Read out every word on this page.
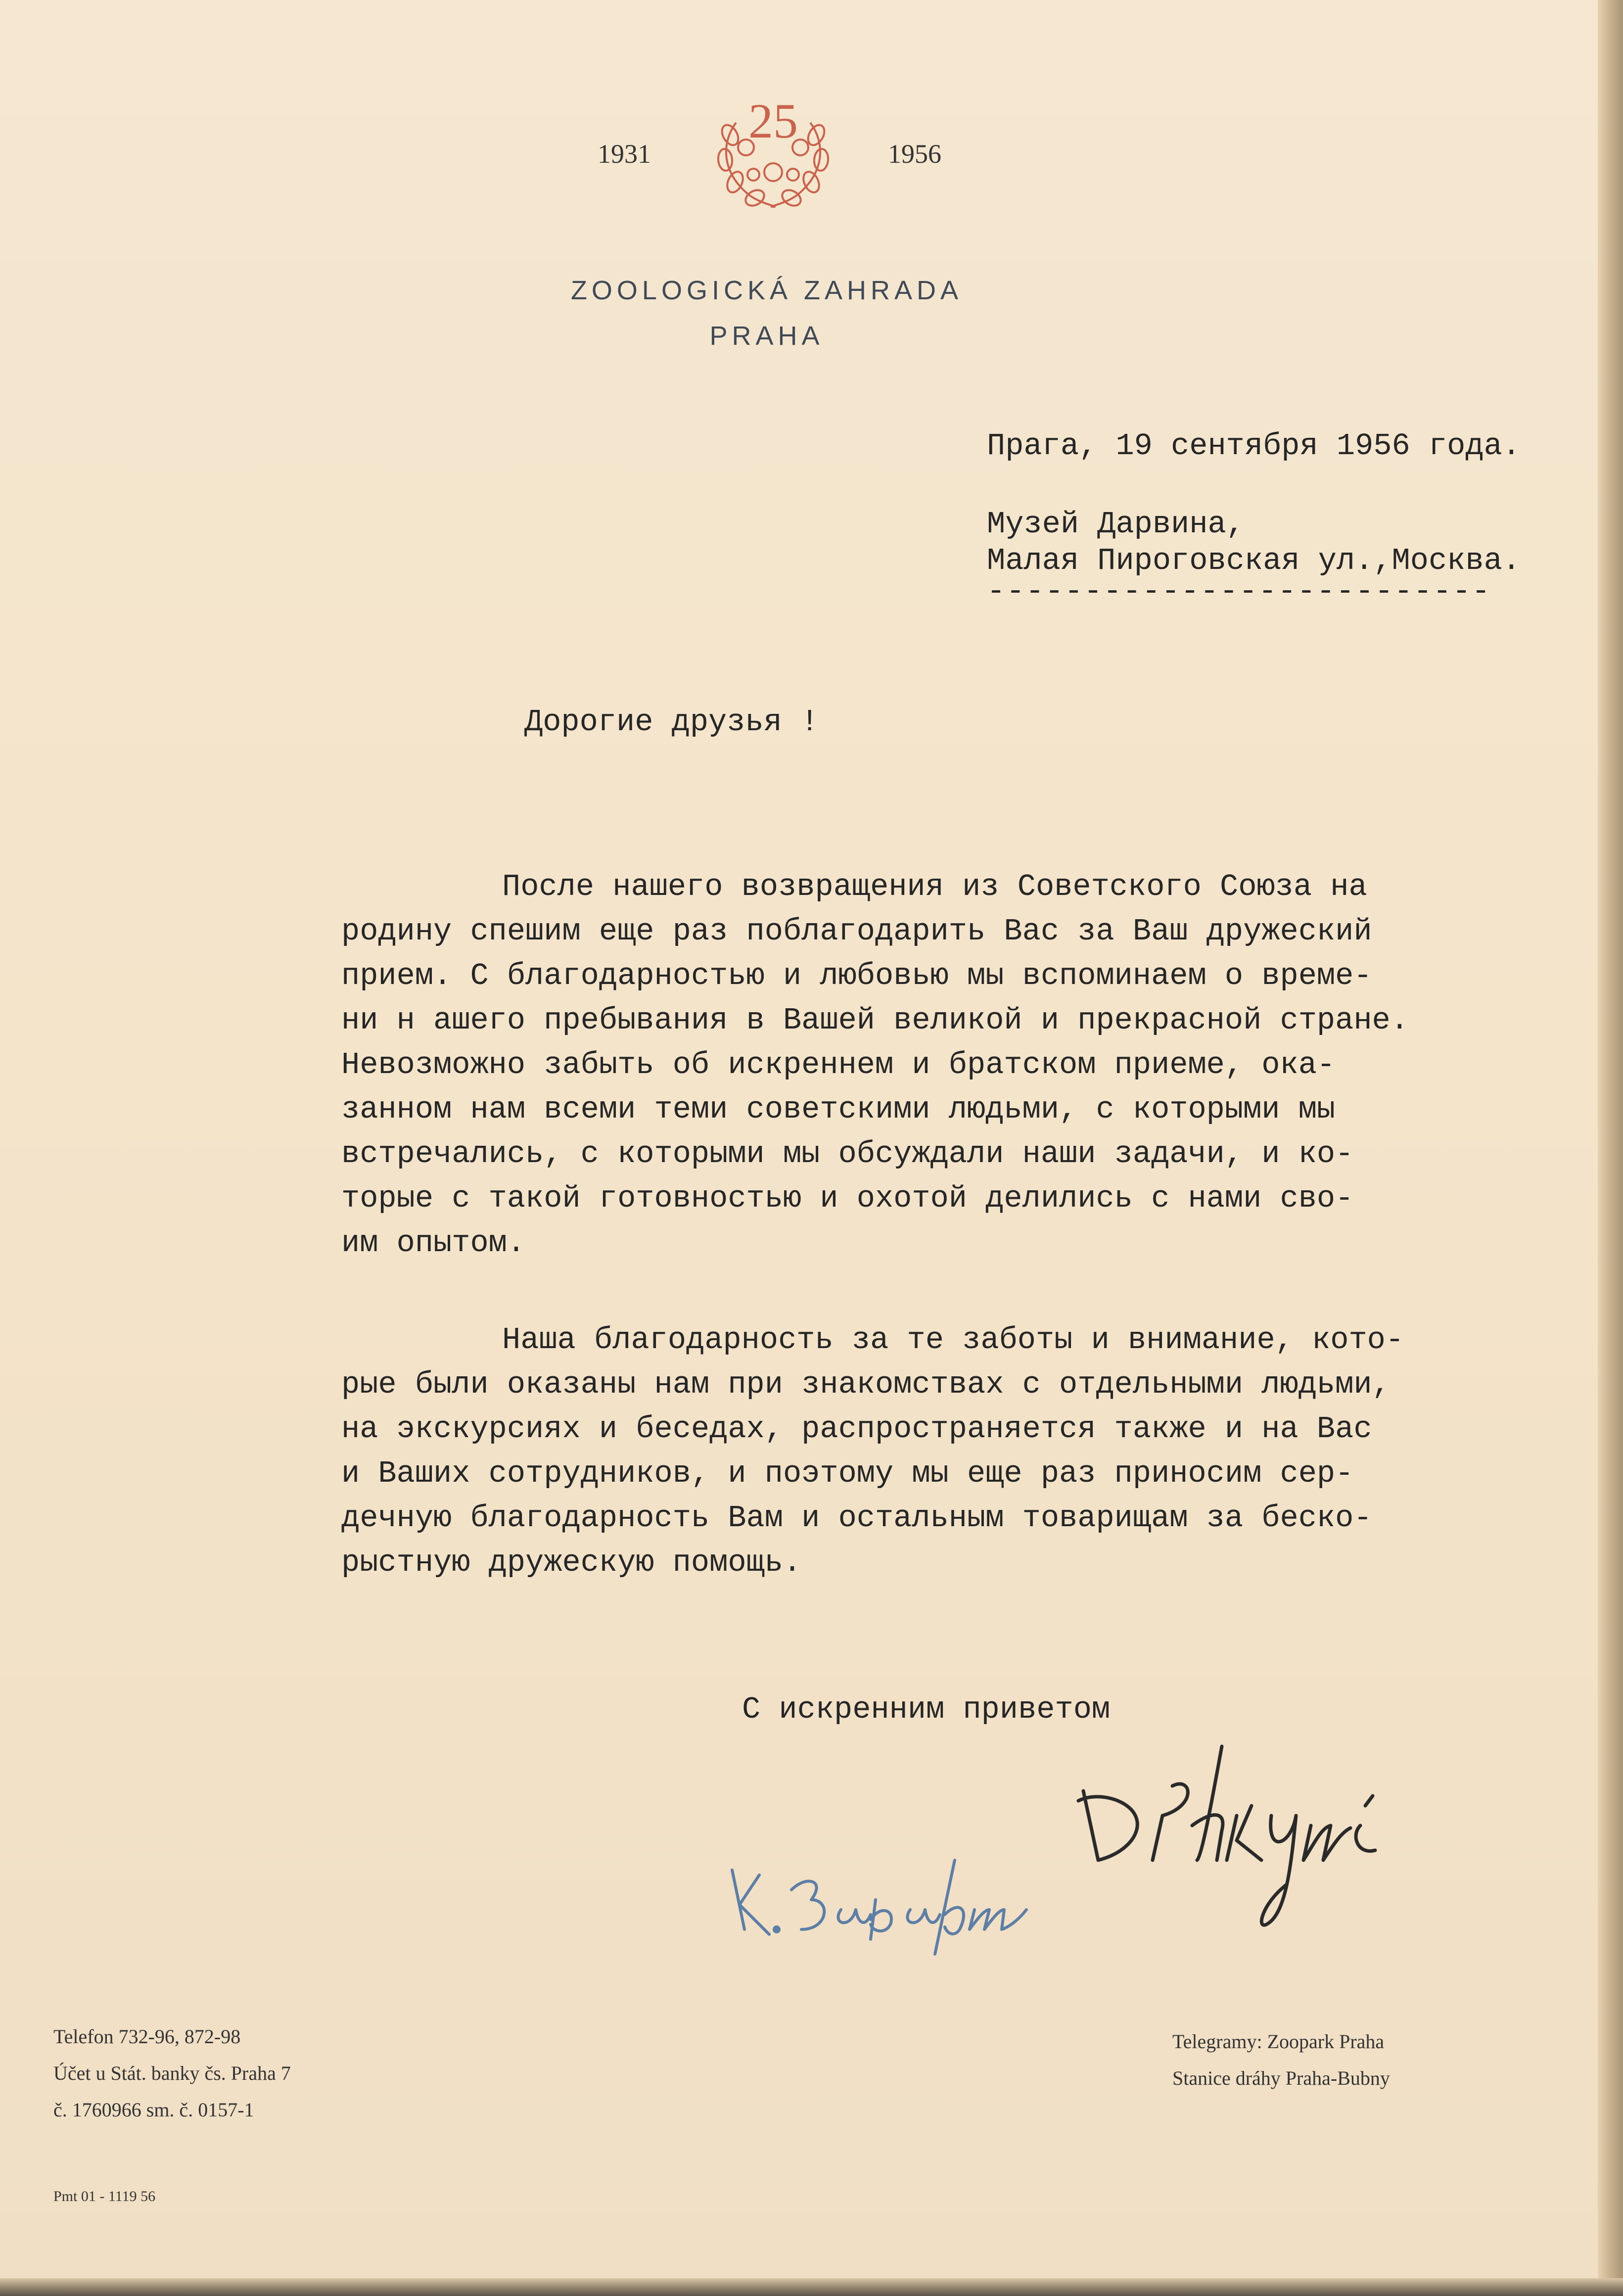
1931	1956
25
ZOOLOGICKÁ ZAHRADA
PRAHA
Прага, 19 сентября 1956 года.
Музей Дарвина,
Малая Пироговская ул.,Москва.
--------------------------
Дорогие друзья !
После нашего возвращения из Советского Союза на
родину спешим еще раз поблагодарить Вас за Ваш дружеский
прием. С благодарностью и любовью мы вспоминаем о време-
ни н ашего пребывания в Вашей великой и прекрасной стране.
Невозможно забыть об искреннем и братском приеме, ока-
занном нам всеми теми советскими людьми, с которыми мы
встречались, с которыми мы обсуждали наши задачи, и ко-
торые с такой готовностью и охотой делились с нами сво-
им опытом.
Наша благодарность за те заботы и внимание, кото-
рые были оказаны нам при знакомствах с отдельными людьми,
на экскурсиях и беседах, распространяется также и на Вас
и Ваших сотрудников, и поэтому мы еще раз приносим сер-
дечную благодарность Вам и остальным товарищам за беско-
рыстную дружескую помощь.
С искренним приветом
Telefon 732-96, 872-98
Účet u Stát. banky čs. Praha 7
č. 1760966 sm. č. 0157-1
Telegramy: Zoopark Praha
Stanice dráhy Praha-Bubny
Pmt 01 - 1119 56
